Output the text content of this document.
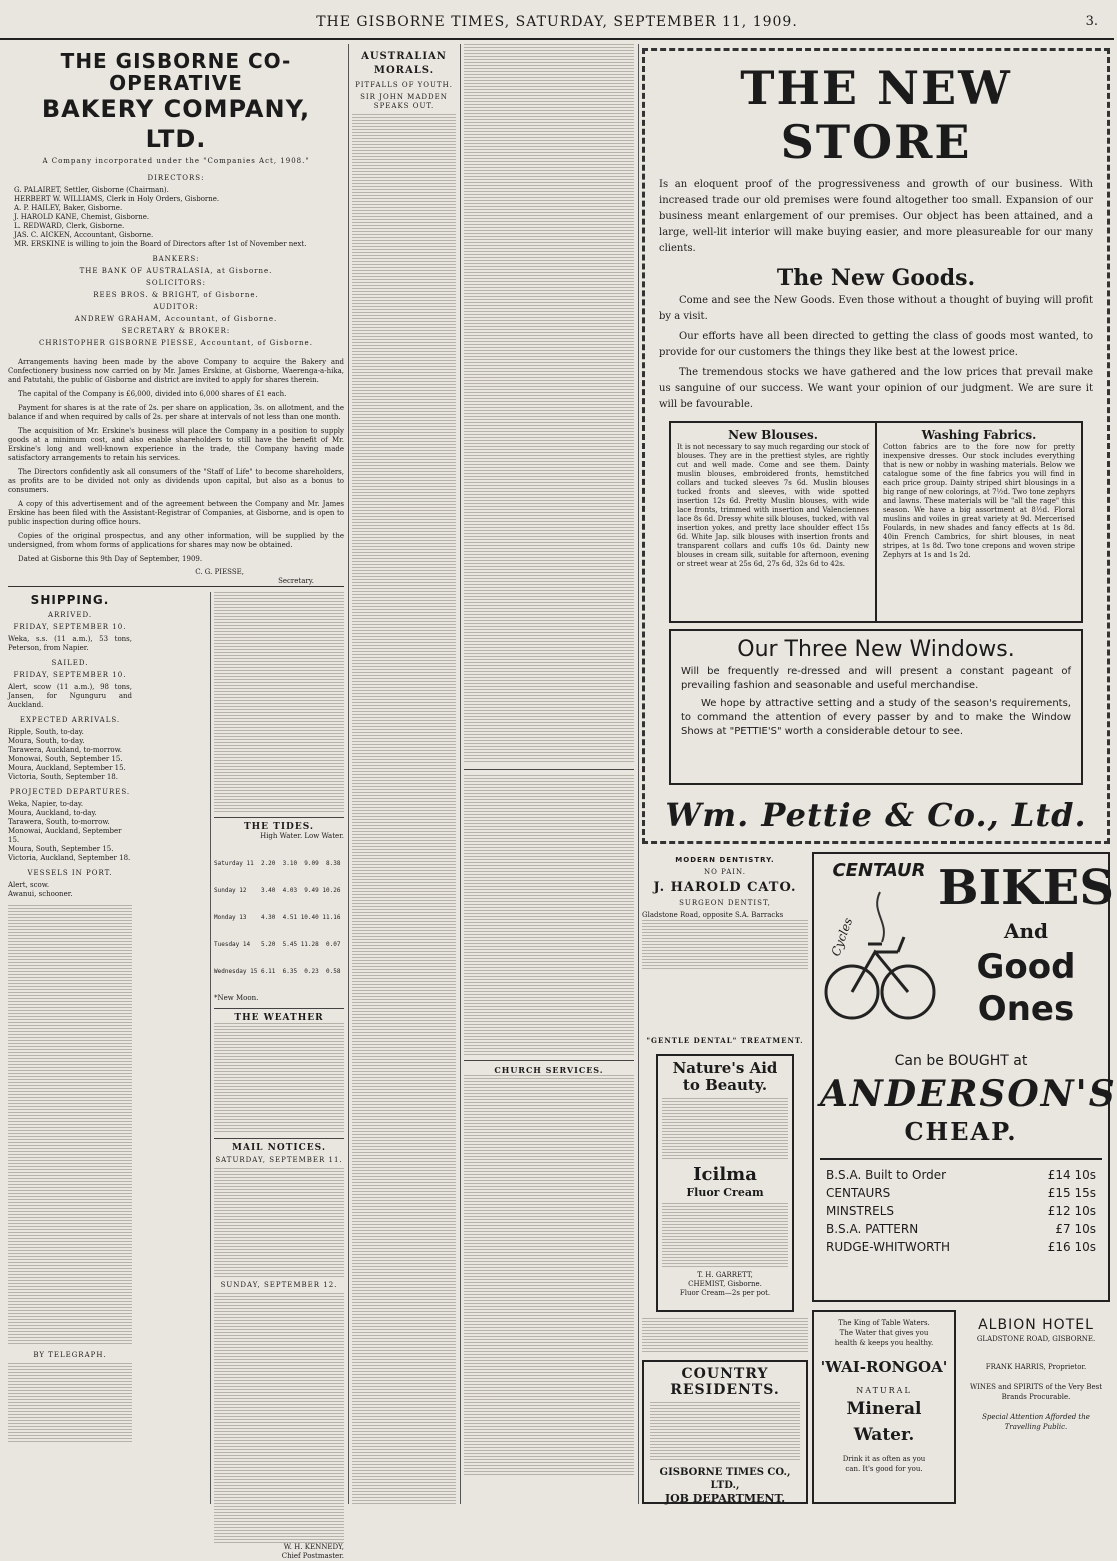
THE GISBORNE TIMES, SATURDAY, SEPTEMBER 11, 1909.	3.
THE GISBORNE CO-OPERATIVE
BAKERY COMPANY, LTD.
A Company incorporated under the "Companies Act, 1908."
DIRECTORS:
G. PALAIRET, Settler, Gisborne (Chairman).
HERBERT W. WILLIAMS, Clerk in Holy Orders, Gisborne.
A. P. HAILEY, Baker, Gisborne.
J. HAROLD KANE, Chemist, Gisborne.
L. REDWARD, Clerk, Gisborne.
JAS. C. AICKEN, Accountant, Gisborne.
MR. ERSKINE is willing to join the Board of Directors after 1st of November next.
BANKERS:
THE BANK OF AUSTRALASIA, at Gisborne.
SOLICITORS:
REES BROS. & BRIGHT, of Gisborne.
AUDITOR:
ANDREW GRAHAM, Accountant, of Gisborne.
SECRETARY & BROKER:
CHRISTOPHER GISBORNE PIESSE, Accountant, of Gisborne.

Arrangements having been made by the above Company to acquire the Bakery and Confectionery business now carried on by Mr. James Erskine, at Gisborne, Waerenga-a-hika, and Patutahi, the public of Gisborne and district are invited to apply for shares therein.

The capital of the Company is £6,000, divided into 6,000 shares of £1 each.

Payment for shares is at the rate of 2s. per share on application, 3s. on allotment, and the balance if and when required by calls of 2s. per share at intervals of not less than one month.

The acquisition of Mr. Erskine's business will place the Company in a position to supply goods at a minimum cost, and also enable shareholders to still have the benefit of Mr. Erskine's long and well-known experience in the trade, the Company having made satisfactory arrangements to retain his services.

The Directors confidently ask all consumers of the "Staff of Life" to become shareholders, as profits are to be divided not only as dividends upon capital, but also as a bonus to consumers.

A copy of this advertisement and of the agreement between the Company and Mr. James Erskine has been filed with the Assistant-Registrar of Companies, at Gisborne, and is open to public inspection during office hours.

Copies of the original prospectus, and any other information, will be supplied by the undersigned, from whom forms of applications for shares may now be obtained.

Dated at Gisborne this 9th Day of September, 1909.

C. G. PIESSE,
Secretary.
SHIPPING.
ARRIVED.
FRIDAY, SEPTEMBER 10.

Weka, s.s. (11 a.m.), 53 tons, Peterson, from Napier.

SAILED.
FRIDAY, SEPTEMBER 10.

Alert, scow (11 a.m.), 98 tons, Jansen, for Ngunguru and Auckland.

EXPECTED ARRIVALS.
Ripple, South, to-day.
Moura, South, to-day.
Tarawera, Auckland, to-morrow.
Monowai, South, September 15.
Moura, Auckland, September 15.
Victoria, South, September 18.
PROJECTED DEPARTURES.
Weka, Napier, to-day.
Moura, Auckland, to-day.
Tarawera, South, to-morrow.
Monowai, Auckland, September 15.
Moura, South, September 15.
Victoria, Auckland, September 18.
VESSELS IN PORT.
Alert, scow.
Awanui, schooner.
BY TELEGRAPH.
THE TIDES.
High Water. Low Water.

Saturday 11  2.20  3.10  9.09  8.38

Sunday 12    3.40  4.03  9.49 10.26

Monday 13    4.30  4.51 10.40 11.16

Tuesday 14   5.20  5.45 11.28  0.07

Wednesday 15 6.11  6.35  0.23  0.58

*New Moon.
THE WEATHER
MAIL NOTICES.
SATURDAY, SEPTEMBER 11.
SUNDAY, SEPTEMBER 12.
W. H. KENNEDY,
Chief Postmaster.
AUSTRALIAN MORALS.
PITFALLS OF YOUTH.
SIR JOHN MADDEN SPEAKS OUT.
CHURCH SERVICES.
THE NEW STORE

Is an eloquent proof of the progressiveness and growth of our business. With increased trade our old premises were found altogether too small. Expansion of our business meant enlargement of our premises. Our object has been attained, and a large, well-lit interior will make buying easier, and more pleasureable for our many clients.

The New Goods.

Come and see the New Goods. Even those without a thought of buying will profit by a visit.

Our efforts have all been directed to getting the class of goods most wanted, to provide for our customers the things they like best at the lowest price.

The tremendous stocks we have gathered and the low prices that prevail make us sanguine of our success. We want your opinion of our judgment. We are sure it will be favourable.

New Blouses.

It is not necessary to say much regarding our stock of blouses. They are in the prettiest styles, are rightly cut and well made. Come and see them. Dainty muslin blouses, embroidered fronts, hemstitched collars and tucked sleeves 7s 6d. Muslin blouses tucked fronts and sleeves, with wide spotted insertion 12s 6d. Pretty Muslin blouses, with wide lace fronts, trimmed with insertion and Valenciennes lace 8s 6d. Dressy white silk blouses, tucked, with val insertion yokes, and pretty lace shoulder effect 15s 6d. White Jap. silk blouses with insertion fronts and transparent collars and cuffs 10s 6d. Dainty new blouses in cream silk, suitable for afternoon, evening or street wear at 25s 6d, 27s 6d, 32s 6d to 42s.

Washing Fabrics.

Cotton fabrics are to the fore now for pretty inexpensive dresses. Our stock includes everything that is new or nobby in washing materials. Below we catalogue some of the fine fabrics you will find in each price group. Dainty striped shirt blousings in a big range of new colorings, at 7½d. Two tone zephyrs and lawns. These materials will be "all the rage" this season. We have a big assortment at 8½d. Floral muslins and voiles in great variety at 9d. Mercerised Foulards, in new shades and fancy effects at 1s 8d. 40in French Cambrics, for shirt blouses, in neat stripes, at 1s 8d. Two tone crepons and woven stripe Zephyrs at 1s and 1s 2d.

Our Three New Windows.

Will be frequently re-dressed and will present a constant pageant of prevailing fashion and seasonable and useful merchandise.

We hope by attractive setting and a study of the season's requirements, to command the attention of every passer by and to make the Window Shows at "PETTIE'S" worth a considerable detour to see.

Wm. Pettie & Co., Ltd.
MODERN DENTISTRY.
NO PAIN.
J. HAROLD CATO.
SURGEON DENTIST,
Gladstone Road, opposite S.A. Barracks
"GENTLE DENTAL" TREATMENT.
Nature's Aid
to Beauty.
Icilma
Fluor Cream
T. H. GARRETT,
CHEMIST, Gisborne.
Fluor Cream—2s per pot.
COUNTRY
RESIDENTS.
GISBORNE TIMES CO., LTD.,
JOB DEPARTMENT.
CENTAUR
Cycles
BIKES
And
Good
Ones
Can be BOUGHT at
ANDERSON'S
CHEAP.
B.S.A. Built to Order	£14 10s
CENTAURS	£15 15s
MINSTRELS	£12 10s
B.S.A. PATTERN	£7 10s
RUDGE-WHITWORTH	£16 10s
The King of Table Waters.
The Water that gives you
health & keeps you healthy.
'WAI-RONGOA'
NATURAL
Mineral Water.
Drink it as often as you
can. It's good for you.
ALBION HOTEL
GLADSTONE ROAD, GISBORNE.
FRANK HARRIS, Proprietor.
WINES and SPIRITS of the Very Best Brands Procurable.
Special Attention Afforded the Travelling Public.
